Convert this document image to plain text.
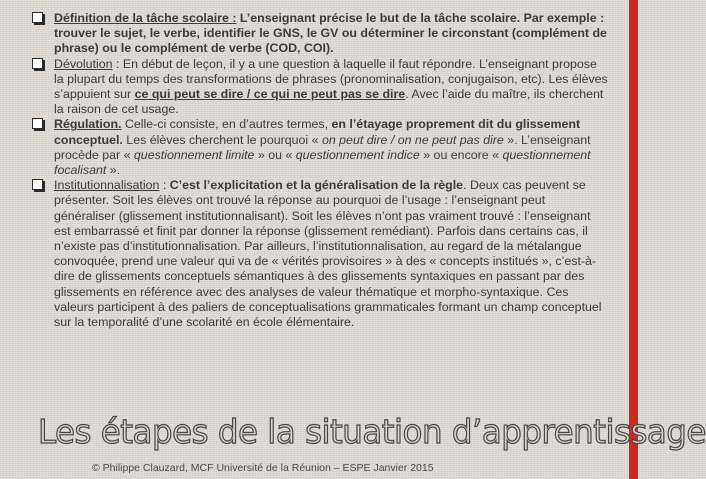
Définition de la tâche scolaire : L’enseignant précise le but de la tâche scolaire. Par exemple : trouver le sujet, le verbe, identifier le GNS, le GV ou déterminer le circonstant (complément de phrase) ou le complément de verbe (COD, COI).
Dévolution : En début de leçon, il y a une question à laquelle il faut répondre. L’enseignant propose la plupart du temps des transformations de phrases (pronominalisation, conjugaison, etc). Les élèves s’appuient sur ce qui peut se dire / ce qui ne peut pas se dire. Avec l’aide du maître, ils cherchent la raison de cet usage.
Régulation. Celle-ci consiste, en d’autres termes, en l’étayage proprement dit du glissement conceptuel. Les élèves cherchent le pourquoi « on peut dire / on ne peut pas dire ». L’enseignant procède par « questionnement limite » ou « questionnement indice » ou encore « questionnement focalisant ».
Institutionnalisation : C’est l’explicitation et la généralisation de la règle. Deux cas peuvent se présenter. Soit les élèves ont trouvé la réponse au pourquoi de l’usage : l’enseignant peut généraliser (glissement institutionnalisant). Soit les élèves n’ont pas vraiment trouvé : l’enseignant est embarrassé et finit par donner la réponse (glissement remédiant). Parfois dans certains cas, il n’existe pas d’institutionnalisation. Par ailleurs, l’institutionnalisation, au regard de la métalangue convoquée, prend une valeur qui va de « vérités provisoires » à des « concepts institués », c’est-à-dire de glissements conceptuels sémantiques à des glissements syntaxiques en passant par des glissements en référence avec des analyses de valeur thématique et morpho-syntaxique. Ces valeurs participent à des paliers de conceptualisations grammaticales formant un champ conceptuel sur la temporalité d’une scolarité en école élémentaire.
Les étapes de la situation d’apprentissage
© Philippe Clauzard, MCF Université de la Réunion – ESPE Janvier 2015
